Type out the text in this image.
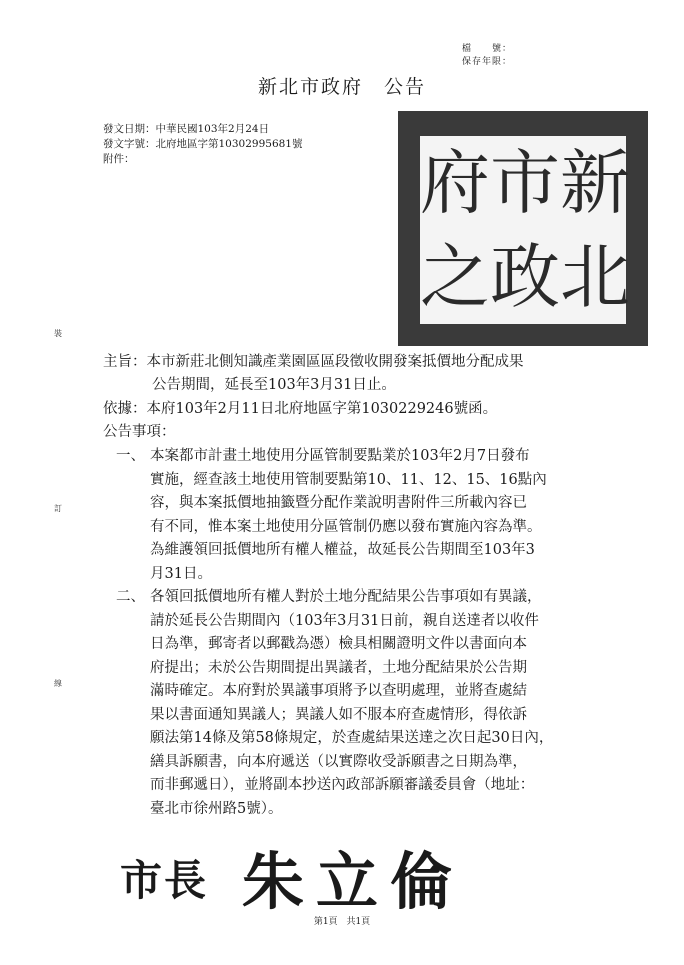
檔　　號：
保存年限：
新北市政府　公告
發文日期：中華民國103年2月24日
發文字號：北府地區字第10302995681號
附件：	府 市 新
之 政 北
裝
訂
線
主旨：本市新莊北側知識產業園區區段徵收開發案抵價地分配成果
公告期間，延長至103年3月31日止。
依據：本府103年2月11日北府地區字第1030229246號函。
公告事項：
一、 本案都市計畫土地使用分區管制要點業於103年2月7日發布
實施，經查該土地使用管制要點第10、11、12、15、16點內
容，與本案抵價地抽籤暨分配作業說明書附件三所載內容已
有不同，惟本案土地使用分區管制仍應以發布實施內容為準。
為維護領回抵價地所有權人權益，故延長公告期間至103年3
月31日。
二、 各領回抵價地所有權人對於土地分配結果公告事項如有異議，
請於延長公告期間內（103年3月31日前，親自送達者以收件
日為準，郵寄者以郵戳為憑）檢具相關證明文件以書面向本
府提出；未於公告期間提出異議者，土地分配結果於公告期
滿時確定。本府對於異議事項將予以查明處理，並將查處結
果以書面通知異議人；異議人如不服本府查處情形，得依訴
願法第14條及第58條規定，於查處結果送達之次日起30日內，
繕具訴願書，向本府遞送（以實際收受訴願書之日期為準，
而非郵遞日），並將副本抄送內政部訴願審議委員會（地址：
臺北市徐州路5號）。
市長 朱立倫
第1頁 共1頁
